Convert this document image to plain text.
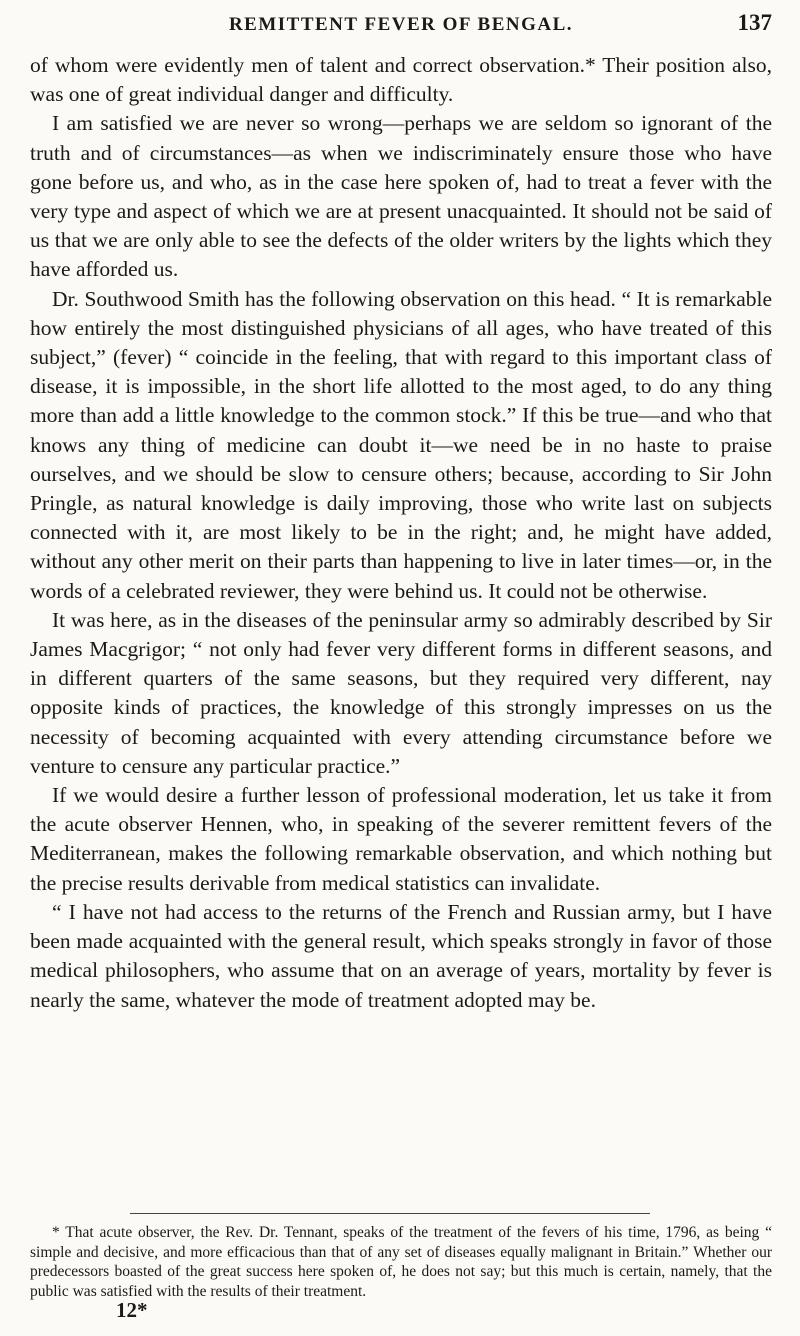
REMITTENT FEVER OF BENGAL.	137

of whom were evidently men of talent and correct observation.* Their position also, was one of great individual danger and difficulty.

I am satisfied we are never so wrong—perhaps we are seldom so ignorant of the truth and of circumstances—as when we indiscriminately ensure those who have gone before us, and who, as in the case here spoken of, had to treat a fever with the very type and aspect of which we are at present unacquainted. It should not be said of us that we are only able to see the defects of the older writers by the lights which they have afforded us.

Dr. Southwood Smith has the following observation on this head. “ It is remarkable how entirely the most distinguished physicians of all ages, who have treated of this subject,” (fever) “ coincide in the feeling, that with regard to this important class of disease, it is impossible, in the short life allotted to the most aged, to do any thing more than add a little knowledge to the common stock.” If this be true—and who that knows any thing of medicine can doubt it—we need be in no haste to praise ourselves, and we should be slow to censure others; because, according to Sir John Pringle, as natural knowledge is daily improving, those who write last on subjects connected with it, are most likely to be in the right; and, he might have added, without any other merit on their parts than happening to live in later times—or, in the words of a celebrated reviewer, they were behind us. It could not be otherwise.

It was here, as in the diseases of the peninsular army so admirably described by Sir James Macgrigor; “ not only had fever very different forms in different seasons, and in different quarters of the same seasons, but they required very different, nay opposite kinds of practices, the knowledge of this strongly impresses on us the necessity of becoming acquainted with every attending circumstance before we venture to censure any particular practice.”

If we would desire a further lesson of professional moderation, let us take it from the acute observer Hennen, who, in speaking of the severer remittent fevers of the Mediterranean, makes the following remarkable observation, and which nothing but the precise results derivable from medical statistics can invalidate.

“ I have not had access to the returns of the French and Russian army, but I have been made acquainted with the general result, which speaks strongly in favor of those medical philosophers, who assume that on an average of years, mortality by fever is nearly the same, whatever the mode of treatment adopted may be.

* That acute observer, the Rev. Dr. Tennant, speaks of the treatment of the fevers of his time, 1796, as being “ simple and decisive, and more efficacious than that of any set of diseases equally malignant in Britain.” Whether our predecessors boasted of the great success here spoken of, he does not say; but this much is certain, namely, that the public was satisfied with the results of their treatment.

12*
